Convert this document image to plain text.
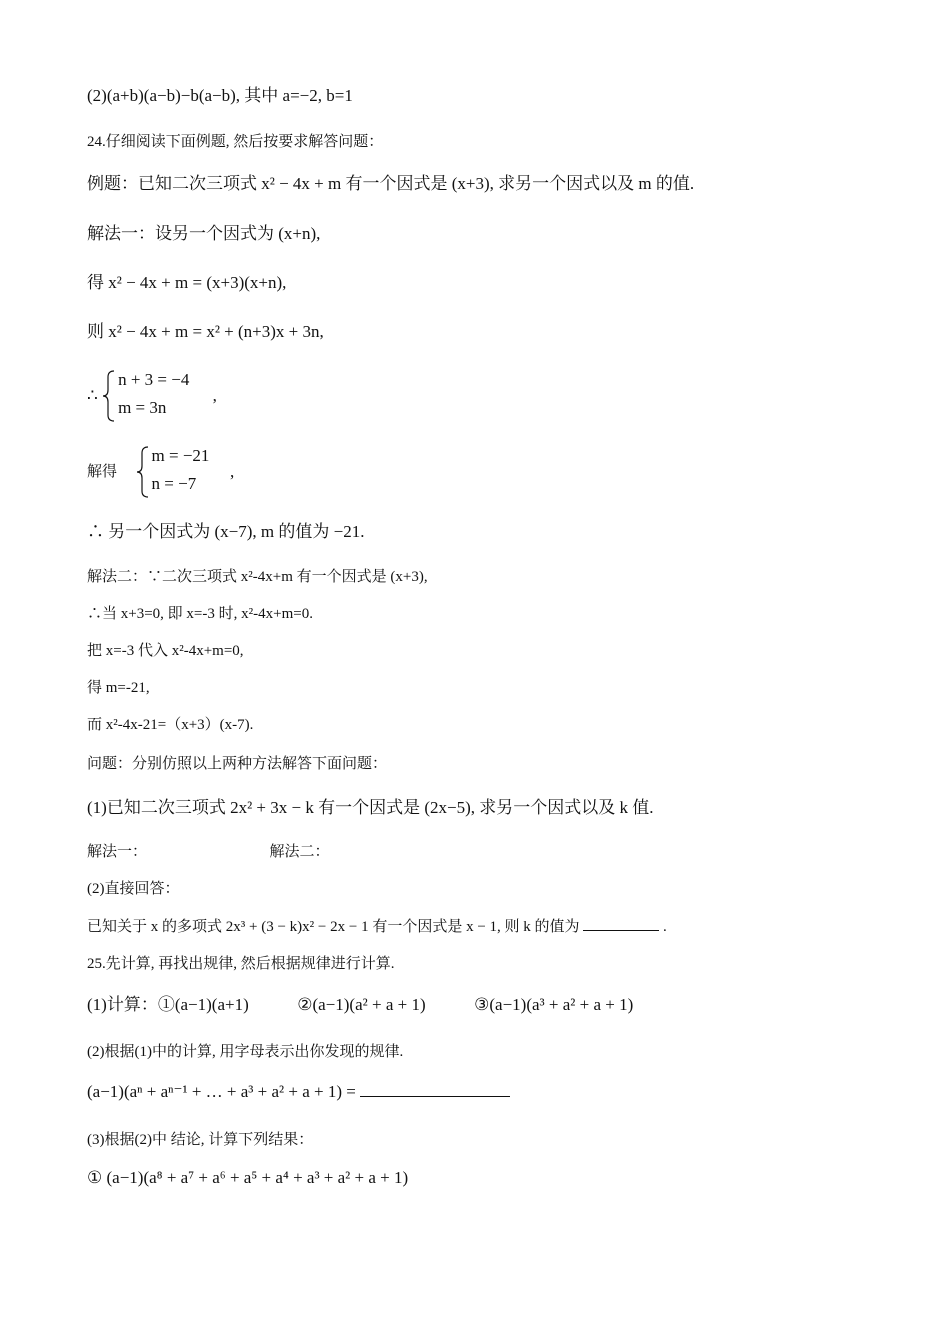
(2)(a+b)(a−b)−b(a−b), 其中 a=−2, b=1
24.仔细阅读下面例题, 然后按要求解答问题：
例题：已知二次三项式 x² − 4x + m 有一个因式是 (x+3), 求另一个因式以及 m 的值.
解法一：设另一个因式为 (x+n),
得 x² − 4x + m = (x+3)(x+n),
则 x² − 4x + m = x² + (n+3)x + 3n,
∴
n + 3 = −4
m = 3n
,
解得
m = −21
n = −7
,
∴ 另一个因式为 (x−7), m 的值为 −21.
解法二：∵二次三项式 x²-4x+m 有一个因式是 (x+3),
∴当 x+3=0, 即 x=-3 时, x²-4x+m=0.
把 x=-3 代入 x²-4x+m=0,
得 m=-21,
而 x²-4x-21=（x+3）(x-7).
问题：分别仿照以上两种方法解答下面问题：
(1)已知二次三项式 2x² + 3x − k 有一个因式是 (2x−5), 求另一个因式以及 k 值.
解法一：	解法二：
(2)直接回答：
已知关于 x 的多项式 2x³ + (3 − k)x² − 2x − 1 有一个因式是 x − 1, 则 k 的值为	.
25.先计算, 再找出规律, 然后根据规律进行计算.
(1)计算：①(a−1)(a+1)	②(a−1)(a² + a + 1)	③(a−1)(a³ + a² + a + 1)
(2)根据(1)中的计算, 用字母表示出你发现的规律.
(a−1)(aⁿ + aⁿ⁻¹ + … + a³ + a² + a + 1) =
(3)根据(2)中 结论, 计算下列结果：
① (a−1)(a⁸ + a⁷ + a⁶ + a⁵ + a⁴ + a³ + a² + a + 1)
